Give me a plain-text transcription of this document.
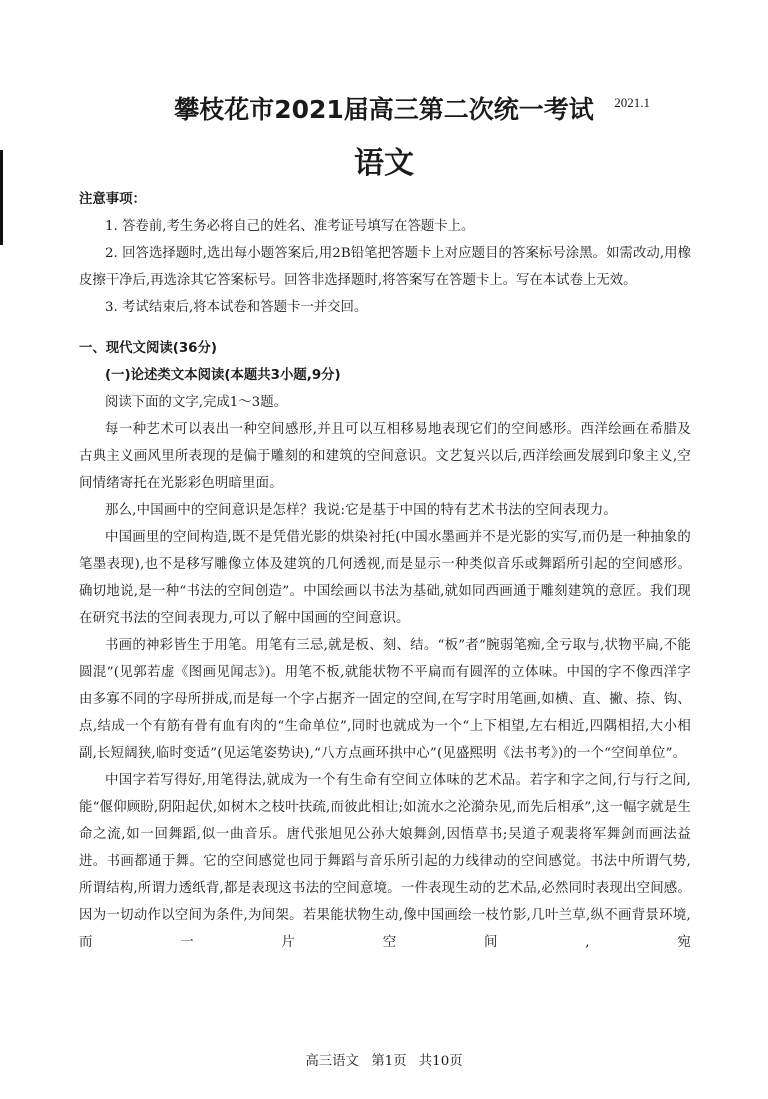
攀枝花市2021届高三第二次统一考试	2021.1
语文
注意事项：
1. 答卷前,考生务必将自己的姓名、准考证号填写在答题卡上。
2. 回答选择题时,选出每小题答案后,用2B铅笔把答题卡上对应题目的答案标号涂黑。如需改动,用橡皮擦干净后,再选涂其它答案标号。回答非选择题时,将答案写在答题卡上。写在本试卷上无效。
3. 考试结束后,将本试卷和答题卡一并交回。
一、现代文阅读(36分)
(一)论述类文本阅读(本题共3小题,9分)
阅读下面的文字,完成1～3题。
每一种艺术可以表出一种空间感形,并且可以互相移易地表现它们的空间感形。西洋绘画在希腊及古典主义画风里所表现的是偏于雕刻的和建筑的空间意识。文艺复兴以后,西洋绘画发展到印象主义,空间情绪寄托在光影彩色明暗里面。
那么,中国画中的空间意识是怎样？我说:它是基于中国的特有艺术书法的空间表现力。
中国画里的空间构造,既不是凭借光影的烘染衬托(中国水墨画并不是光影的实写,而仍是一种抽象的笔墨表现),也不是移写雕像立体及建筑的几何透视,而是显示一种类似音乐或舞蹈所引起的空间感形。确切地说,是一种“书法的空间创造”。中国绘画以书法为基础,就如同西画通于雕刻建筑的意匠。我们现在研究书法的空间表现力,可以了解中国画的空间意识。
书画的神彩皆生于用笔。用笔有三忌,就是板、刻、结。“板”者“腕弱笔痴,全亏取与,状物平扁,不能圆混”(见郭若虚《图画见闻志》)。用笔不板,就能状物不平扁而有圆浑的立体味。中国的字不像西洋字由多寡不同的字母所拼成,而是每一个字占据齐一固定的空间,在写字时用笔画,如横、直、撇、捺、钩、点,结成一个有筋有骨有血有肉的“生命单位”,同时也就成为一个“上下相望,左右相近,四隅相招,大小相副,长短阔狭,临时变适”(见运笔姿势诀),“八方点画环拱中心”(见盛熙明《法书考》)的一个“空间单位”。
中国字若写得好,用笔得法,就成为一个有生命有空间立体味的艺术品。若字和字之间,行与行之间,能“偃仰顾盼,阴阳起伏,如树木之枝叶扶疏,而彼此相让;如流水之沦漪杂见,而先后相承”,这一幅字就是生命之流,如一回舞蹈,似一曲音乐。唐代张旭见公孙大娘舞剑,因悟草书;吴道子观裴将军舞剑而画法益进。书画都通于舞。它的空间感觉也同于舞蹈与音乐所引起的力线律动的空间感觉。书法中所谓气势,所谓结构,所谓力透纸背,都是表现这书法的空间意境。一件表现生动的艺术品,必然同时表现出空间感。因为一切动作以空间为条件,为间架。若果能状物生动,像中国画绘一枝竹影,几叶兰草,纵不画背景环境,而一片空间,宛
高三语文 第1页 共10页
